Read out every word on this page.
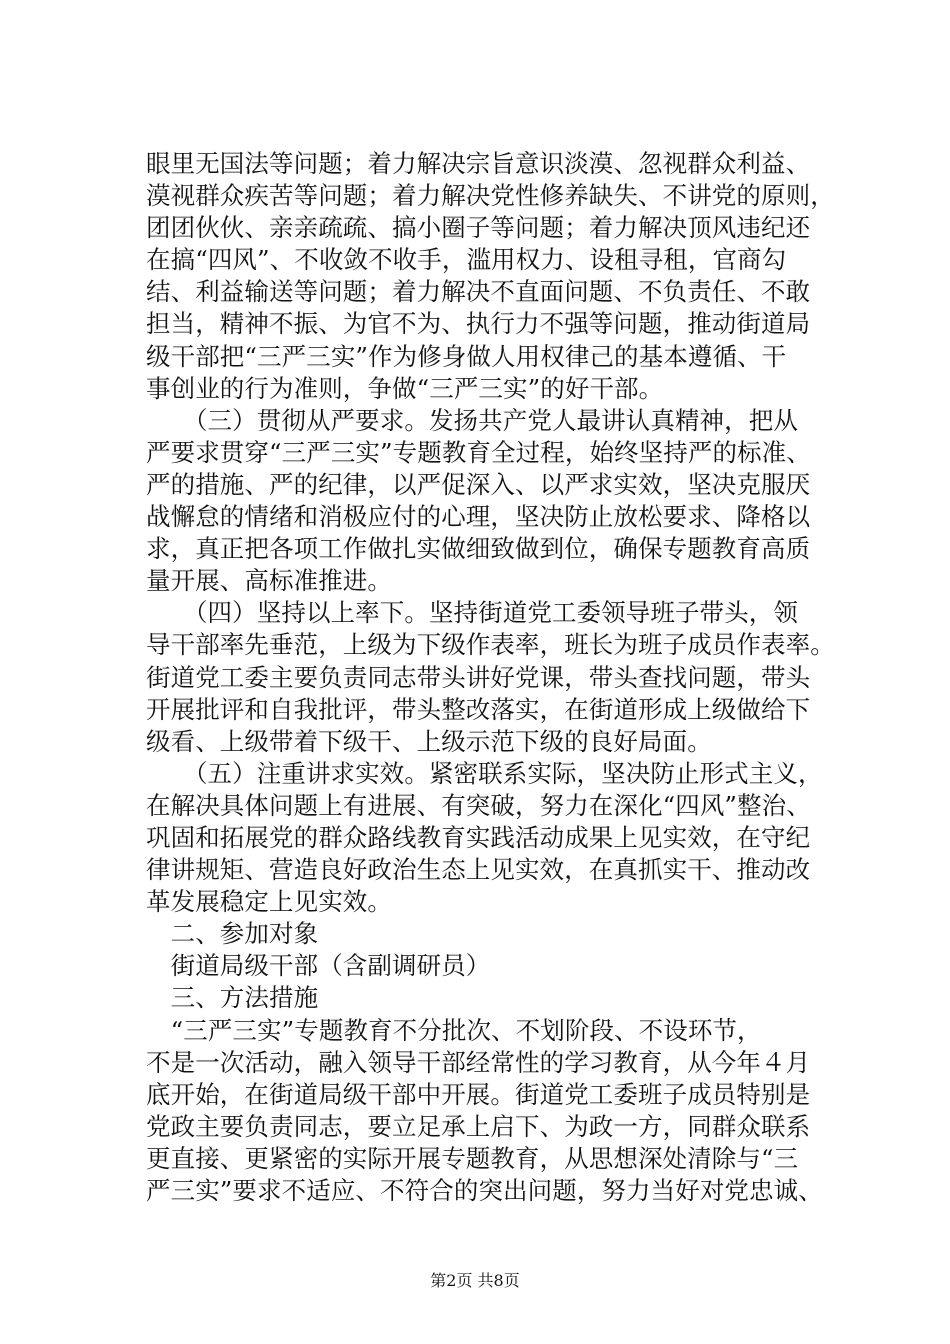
眼里无国法等问题；着力解决宗旨意识淡漠、忽视群众利益、
漠视群众疾苦等问题；着力解决党性修养缺失、不讲党的原则，
团团伙伙、亲亲疏疏、搞小圈子等问题；着力解决顶风违纪还
在搞“四风”、不收敛不收手，滥用权力、设租寻租，官商勾
结、利益输送等问题；着力解决不直面问题、不负责任、不敢
担当，精神不振、为官不为、执行力不强等问题，推动街道局
级干部把“三严三实”作为修身做人用权律己的基本遵循、干
事创业的行为准则，争做“三严三实”的好干部。
　　（三）贯彻从严要求。发扬共产党人最讲认真精神，把从
严要求贯穿“三严三实”专题教育全过程，始终坚持严的标准、
严的措施、严的纪律，以严促深入、以严求实效，坚决克服厌
战懈怠的情绪和消极应付的心理，坚决防止放松要求、降格以
求，真正把各项工作做扎实做细致做到位，确保专题教育高质
量开展、高标准推进。
　　（四）坚持以上率下。坚持街道党工委领导班子带头，领
导干部率先垂范，上级为下级作表率，班长为班子成员作表率。
街道党工委主要负责同志带头讲好党课，带头查找问题，带头
开展批评和自我批评，带头整改落实，在街道形成上级做给下
级看、上级带着下级干、上级示范下级的良好局面。
　　（五）注重讲求实效。紧密联系实际，坚决防止形式主义，
在解决具体问题上有进展、有突破，努力在深化“四风”整治、
巩固和拓展党的群众路线教育实践活动成果上见实效，在守纪
律讲规矩、营造良好政治生态上见实效，在真抓实干、推动改
革发展稳定上见实效。
　二、参加对象
　街道局级干部（含副调研员）
　三、方法措施
　“三严三实”专题教育不分批次、不划阶段、不设环节，
不是一次活动，融入领导干部经常性的学习教育，从今年４月
底开始，在街道局级干部中开展。街道党工委班子成员特别是
党政主要负责同志，要立足承上启下、为政一方，同群众联系
更直接、更紧密的实际开展专题教育，从思想深处清除与“三
严三实”要求不适应、不符合的突出问题，努力当好对党忠诚、
第2页 共8页
